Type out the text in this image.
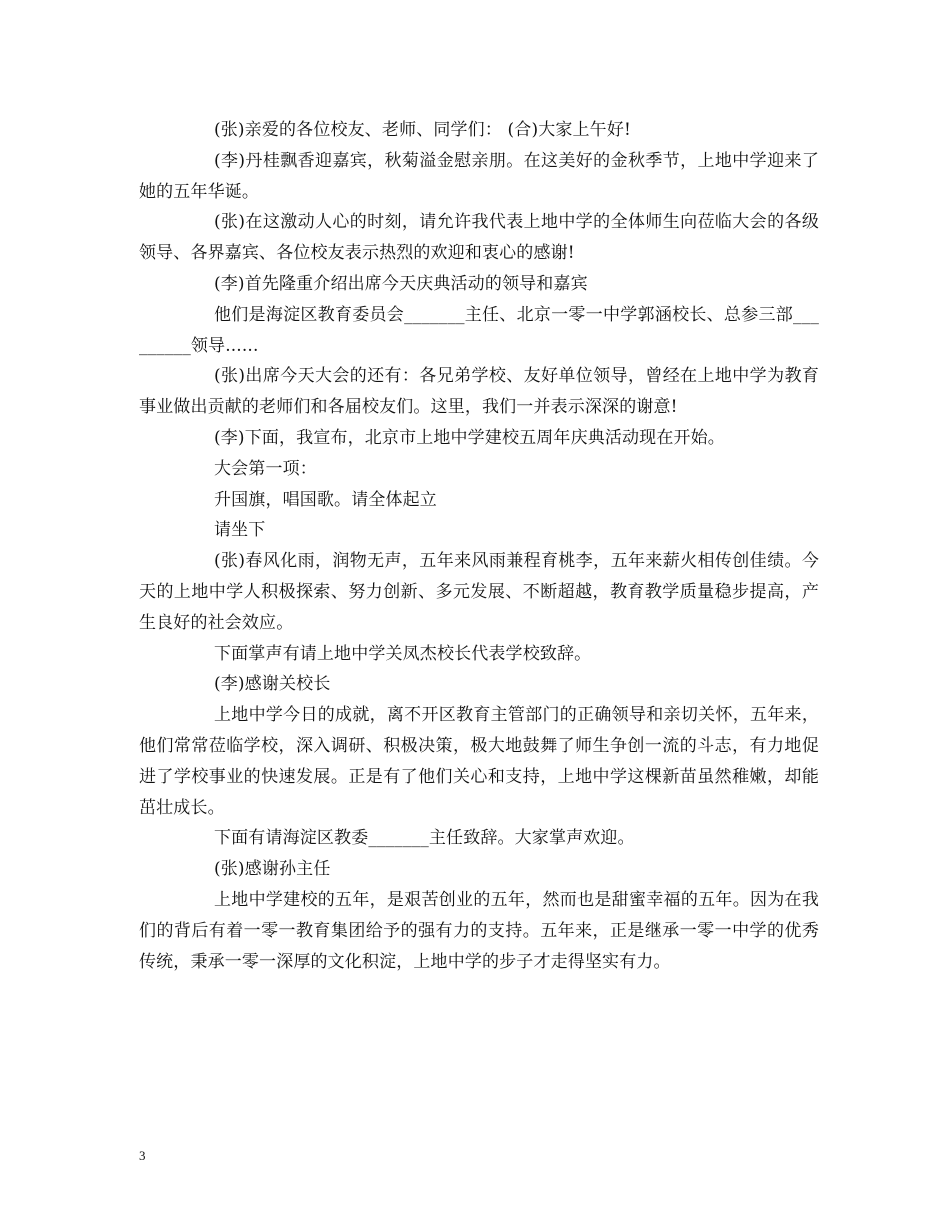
(张)亲爱的各位校友、老师、同学们： (合)大家上午好!

(李)丹桂飘香迎嘉宾，秋菊溢金慰亲朋。在这美好的金秋季节，上地中学迎来了她的五年华诞。

(张)在这激动人心的时刻，请允许我代表上地中学的全体师生向莅临大会的各级领导、各界嘉宾、各位校友表示热烈的欢迎和衷心的感谢!

(李)首先隆重介绍出席今天庆典活动的领导和嘉宾

他们是海淀区教育委员会_______主任、北京一零一中学郭涵校长、总参三部_________领导......

(张)出席今天大会的还有：各兄弟学校、友好单位领导，曾经在上地中学为教育事业做出贡献的老师们和各届校友们。这里，我们一并表示深深的谢意!

(李)下面，我宣布，北京市上地中学建校五周年庆典活动现在开始。

大会第一项：

升国旗，唱国歌。请全体起立

请坐下

(张)春风化雨，润物无声，五年来风雨兼程育桃李，五年来薪火相传创佳绩。今天的上地中学人积极探索、努力创新、多元发展、不断超越，教育教学质量稳步提高，产生良好的社会效应。

下面掌声有请上地中学关凤杰校长代表学校致辞。

(李)感谢关校长

上地中学今日的成就，离不开区教育主管部门的正确领导和亲切关怀，五年来，他们常常莅临学校，深入调研、积极决策，极大地鼓舞了师生争创一流的斗志，有力地促进了学校事业的快速发展。正是有了他们关心和支持，上地中学这棵新苗虽然稚嫩，却能茁壮成长。

下面有请海淀区教委_______主任致辞。大家掌声欢迎。

(张)感谢孙主任

上地中学建校的五年，是艰苦创业的五年，然而也是甜蜜幸福的五年。因为在我们的背后有着一零一教育集团给予的强有力的支持。五年来，正是继承一零一中学的优秀传统，秉承一零一深厚的文化积淀，上地中学的步子才走得坚实有力。

3
